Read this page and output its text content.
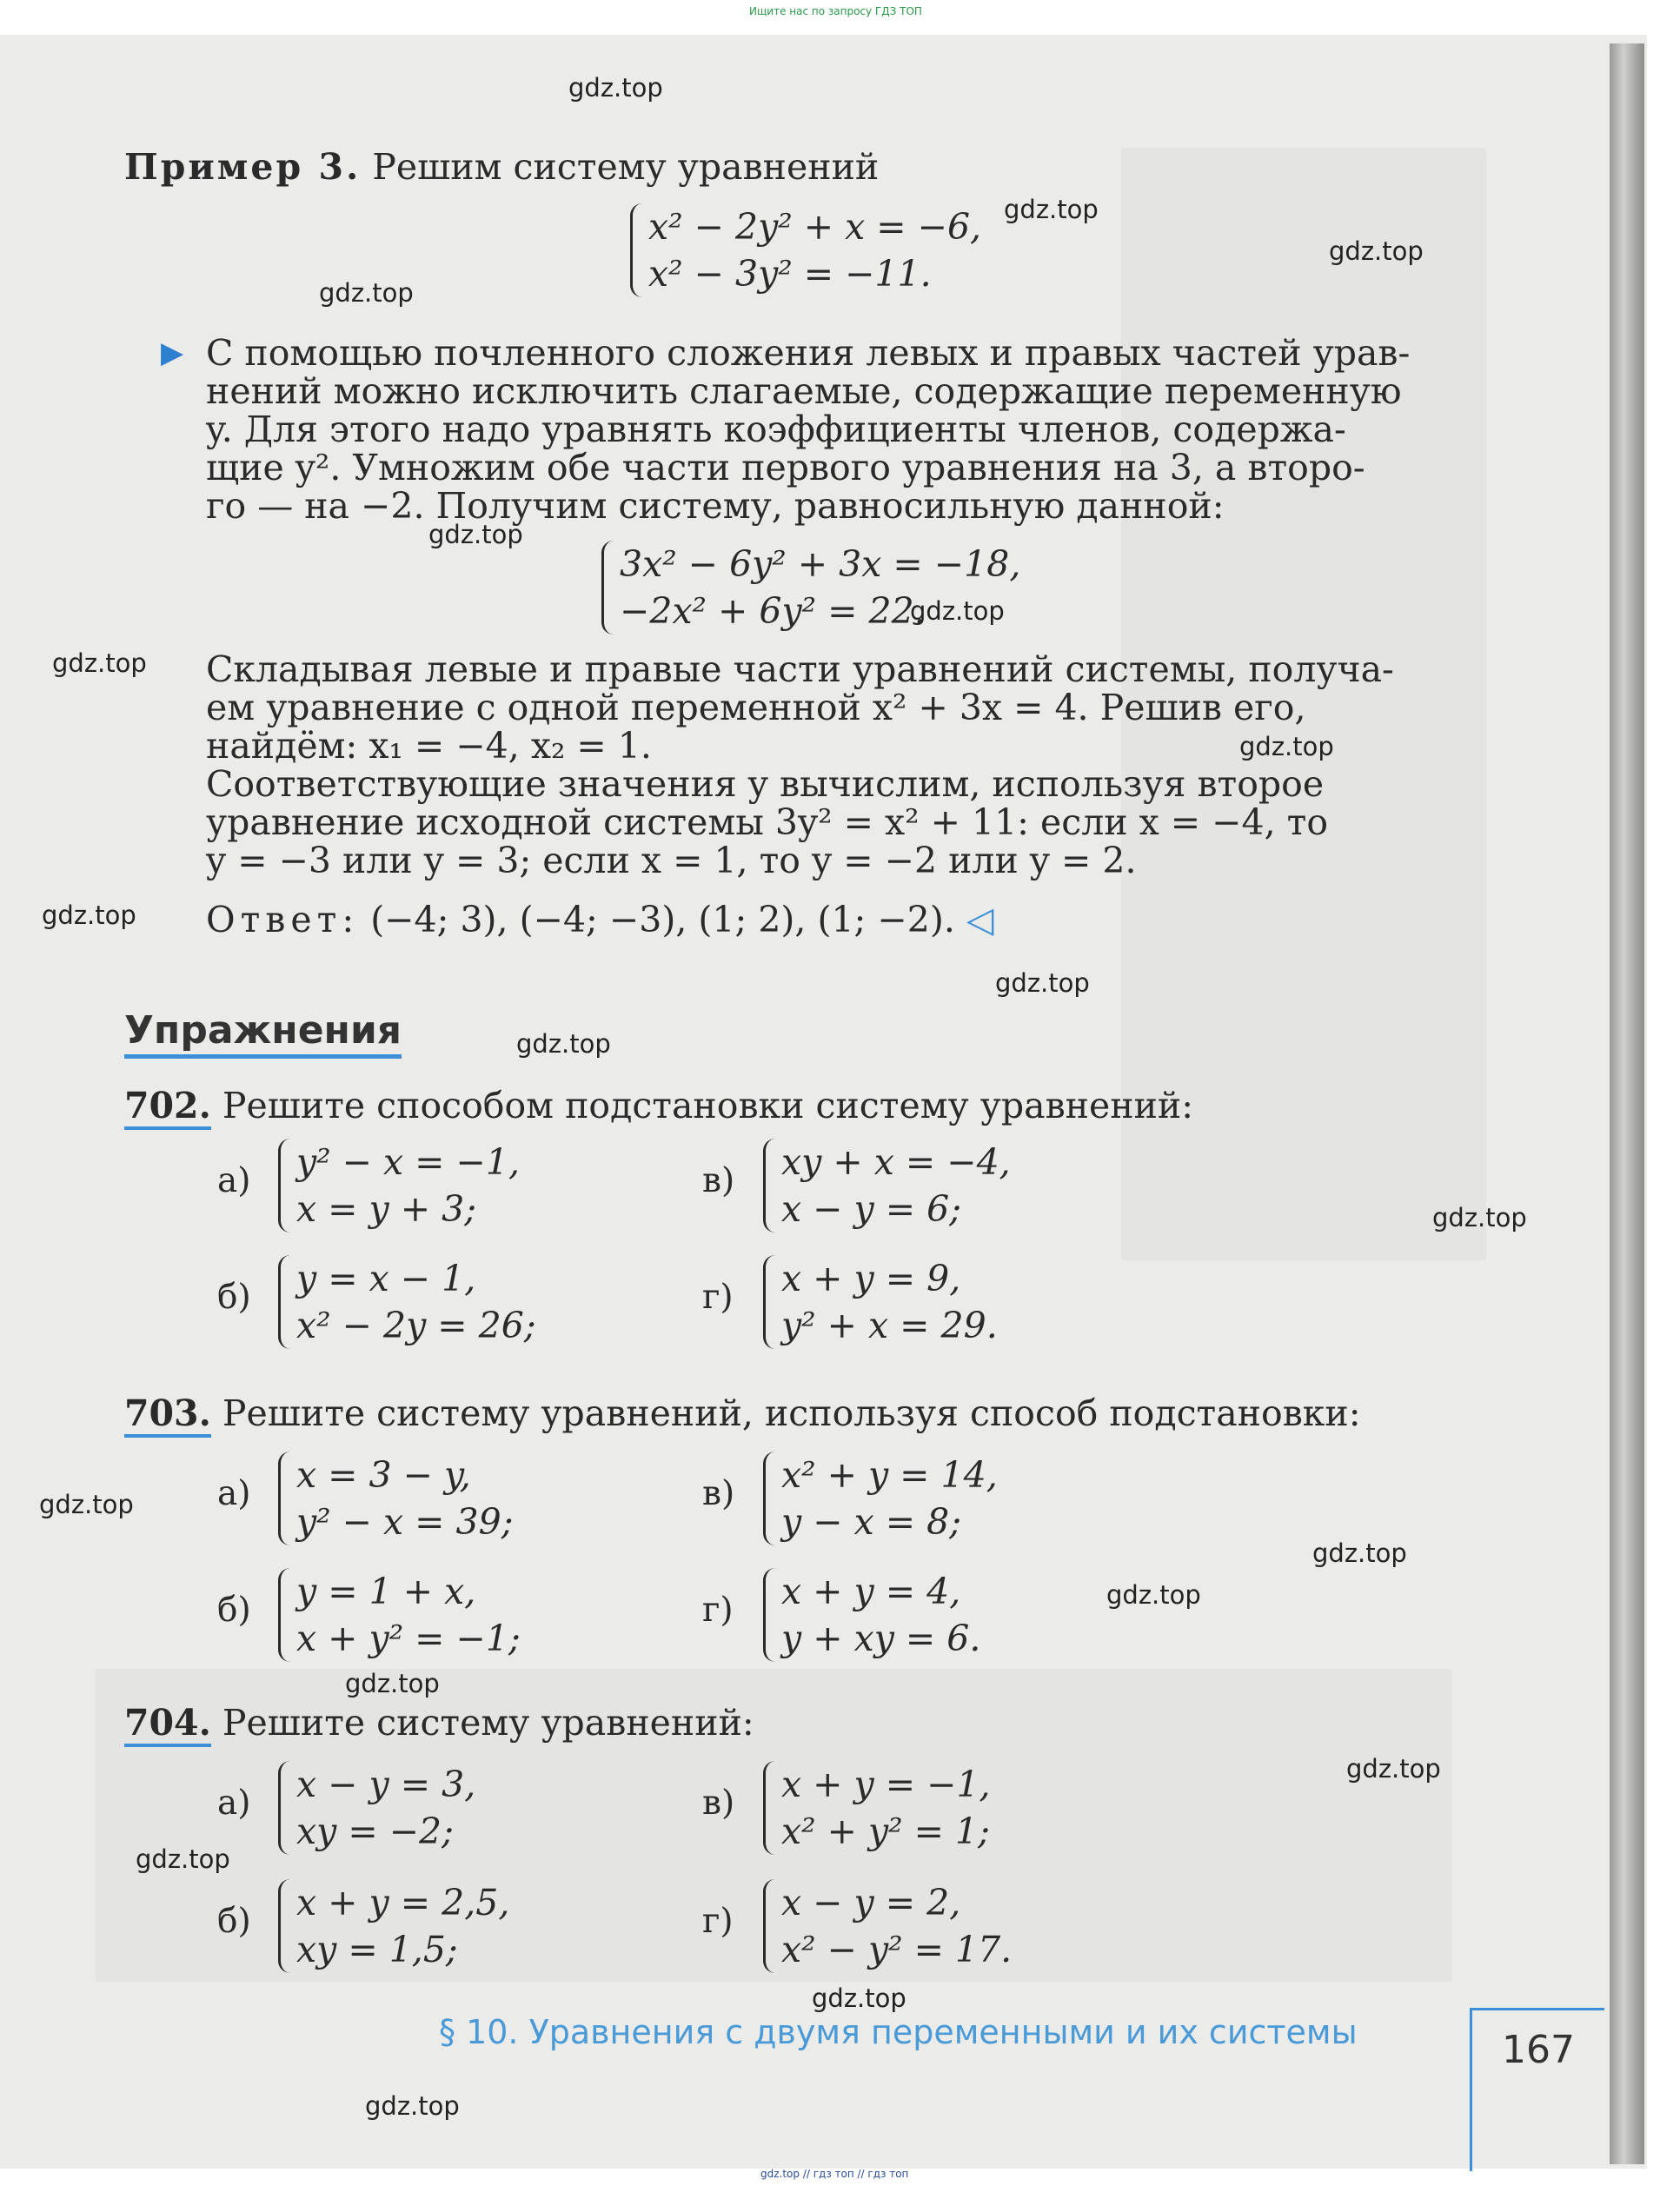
Ищите нас по запросу ГДЗ ТОП
gdz.top
gdz.top
gdz.top
gdz.top
gdz.top
gdz.top
gdz.top
gdz.top
gdz.top
gdz.top
gdz.top
gdz.top
gdz.top
gdz.top
gdz.top
gdz.top
gdz.top
gdz.top
gdz.top
gdz.top
Пример 3. Решим систему уравнений
x² − 2y² + x = −6,
x² − 3y² = −11.
▶ С помощью почленного сложения левых и правых частей урав-
нений можно исключить слагаемые, содержащие переменную
y. Для этого надо уравнять коэффициенты членов, содержа-
щие y². Умножим обе части первого уравнения на 3, а второ-
го — на −2. Получим систему, равносильную данной:
3x² − 6y² + 3x = −18,
−2x² + 6y² = 22.
Складывая левые и правые части уравнений системы, получа-
ем уравнение с одной переменной x² + 3x = 4. Решив его,
найдём: x₁ = −4, x₂ = 1.
Соответствующие значения y вычислим, используя второе
уравнение исходной системы 3y² = x² + 11: если x = −4, то
y = −3 или y = 3; если x = 1, то y = −2 или y = 2.
Ответ: (−4; 3), (−4; −3), (1; 2), (1; −2). ◁
Упражнения
702. Решите способом подстановки систему уравнений:
а) y² − x = −1,
x = y + 3;
в) xy + x = −4,
x − y = 6;
б) y = x − 1,
x² − 2y = 26;
г) x + y = 9,
y² + x = 29.
703. Решите систему уравнений, используя способ подстановки:
а) x = 3 − y,
y² − x = 39;
в) x² + y = 14,
y − x = 8;
б) y = 1 + x,
x + y² = −1;
г) x + y = 4,
y + xy = 6.
704. Решите систему уравнений:
а) x − y = 3,
xy = −2;
в) x + y = −1,
x² + y² = 1;
б) x + y = 2,5,
xy = 1,5;
г) x − y = 2,
x² − y² = 17.
§ 10. Уравнения с двумя переменными и их системы	167
gdz.top // гдз топ // гдз топ
